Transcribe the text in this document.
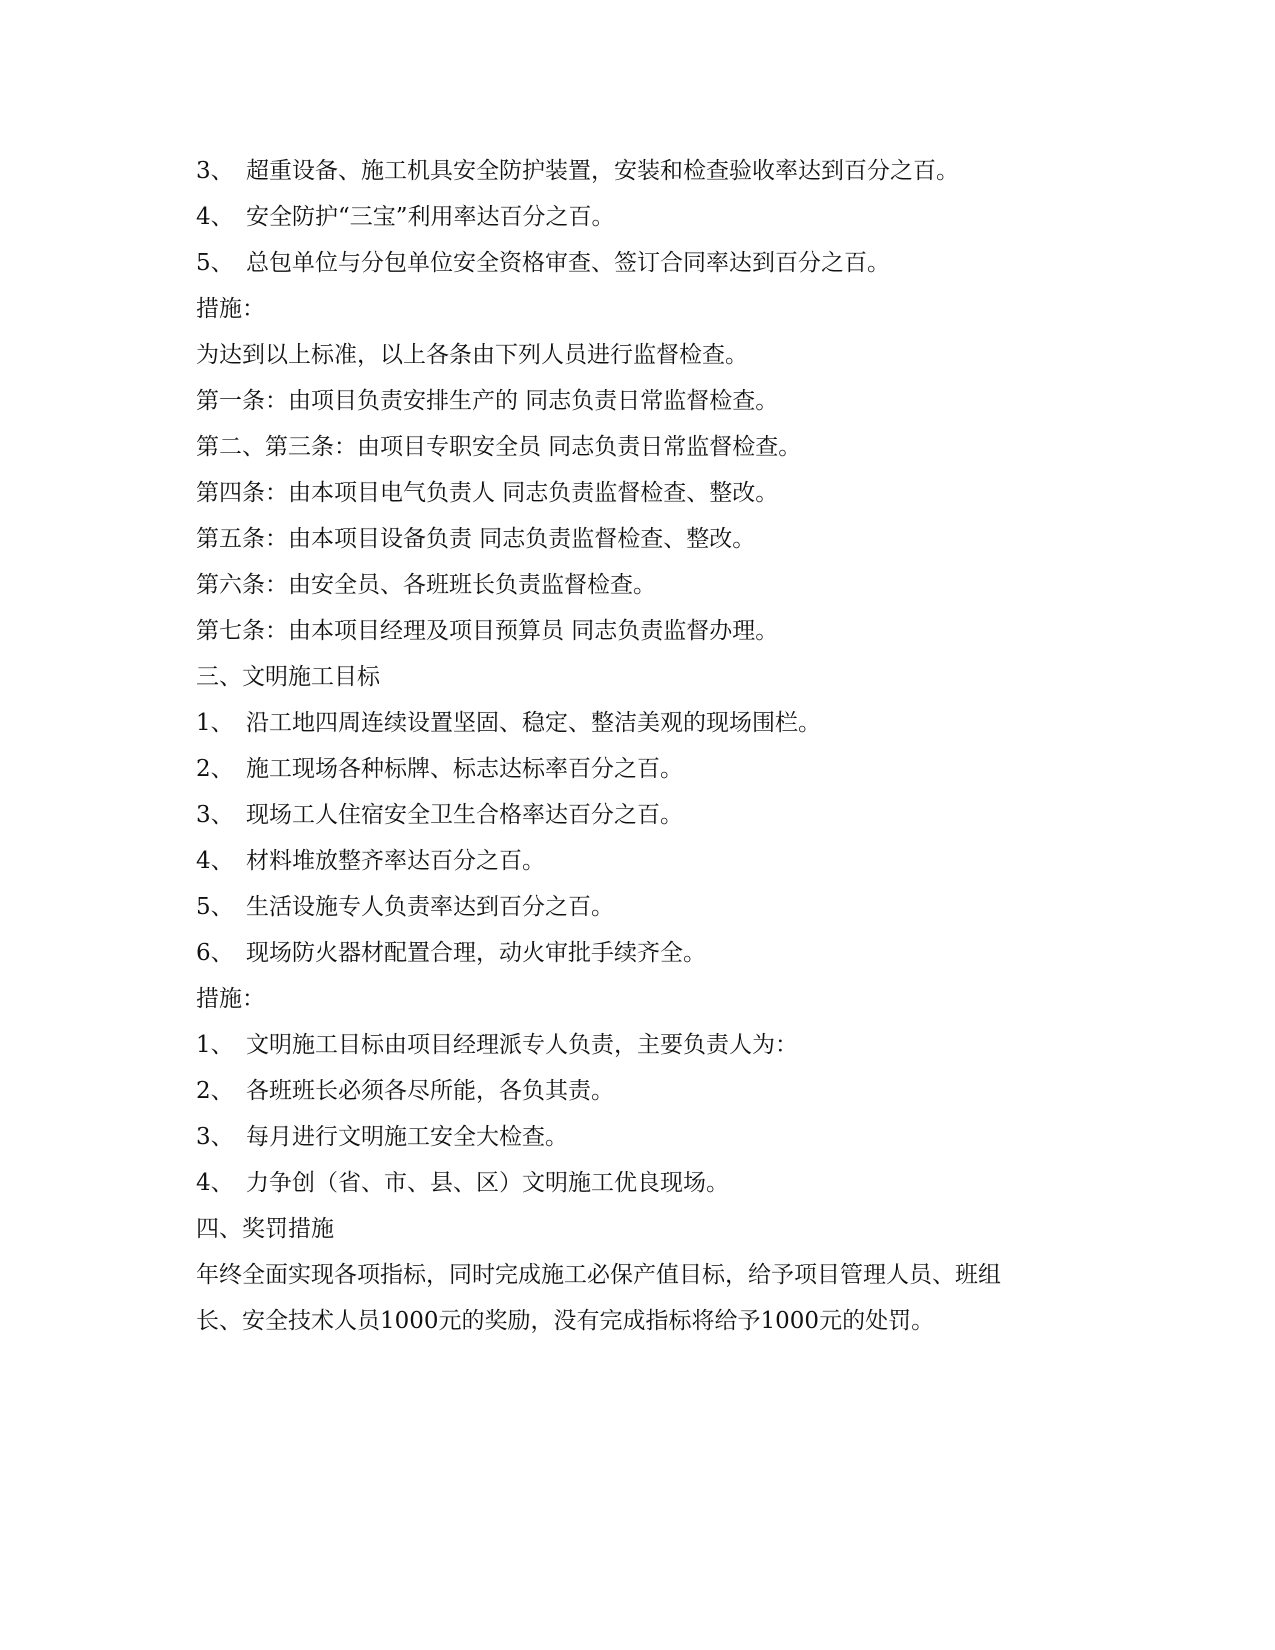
3、 超重设备、施工机具安全防护装置，安装和检查验收率达到百分之百。
4、 安全防护“三宝”利用率达百分之百。
5、 总包单位与分包单位安全资格审查、签订合同率达到百分之百。
措施：
为达到以上标准，以上各条由下列人员进行监督检查。
第一条：由项目负责安排生产的 同志负责日常监督检查。
第二、第三条：由项目专职安全员 同志负责日常监督检查。
第四条：由本项目电气负责人 同志负责监督检查、整改。
第五条：由本项目设备负责 同志负责监督检查、整改。
第六条：由安全员、各班班长负责监督检查。
第七条：由本项目经理及项目预算员 同志负责监督办理。
三、文明施工目标
1、 沿工地四周连续设置坚固、稳定、整洁美观的现场围栏。
2、 施工现场各种标牌、标志达标率百分之百。
3、 现场工人住宿安全卫生合格率达百分之百。
4、 材料堆放整齐率达百分之百。
5、 生活设施专人负责率达到百分之百。
6、 现场防火器材配置合理，动火审批手续齐全。
措施：
1、 文明施工目标由项目经理派专人负责，主要负责人为：
2、 各班班长必须各尽所能，各负其责。
3、 每月进行文明施工安全大检查。
4、 力争创（省、市、县、区）文明施工优良现场。
四、奖罚措施
年终全面实现各项指标，同时完成施工必保产值目标，给予项目管理人员、班组
长、安全技术人员1000元的奖励，没有完成指标将给予1000元的处罚。
